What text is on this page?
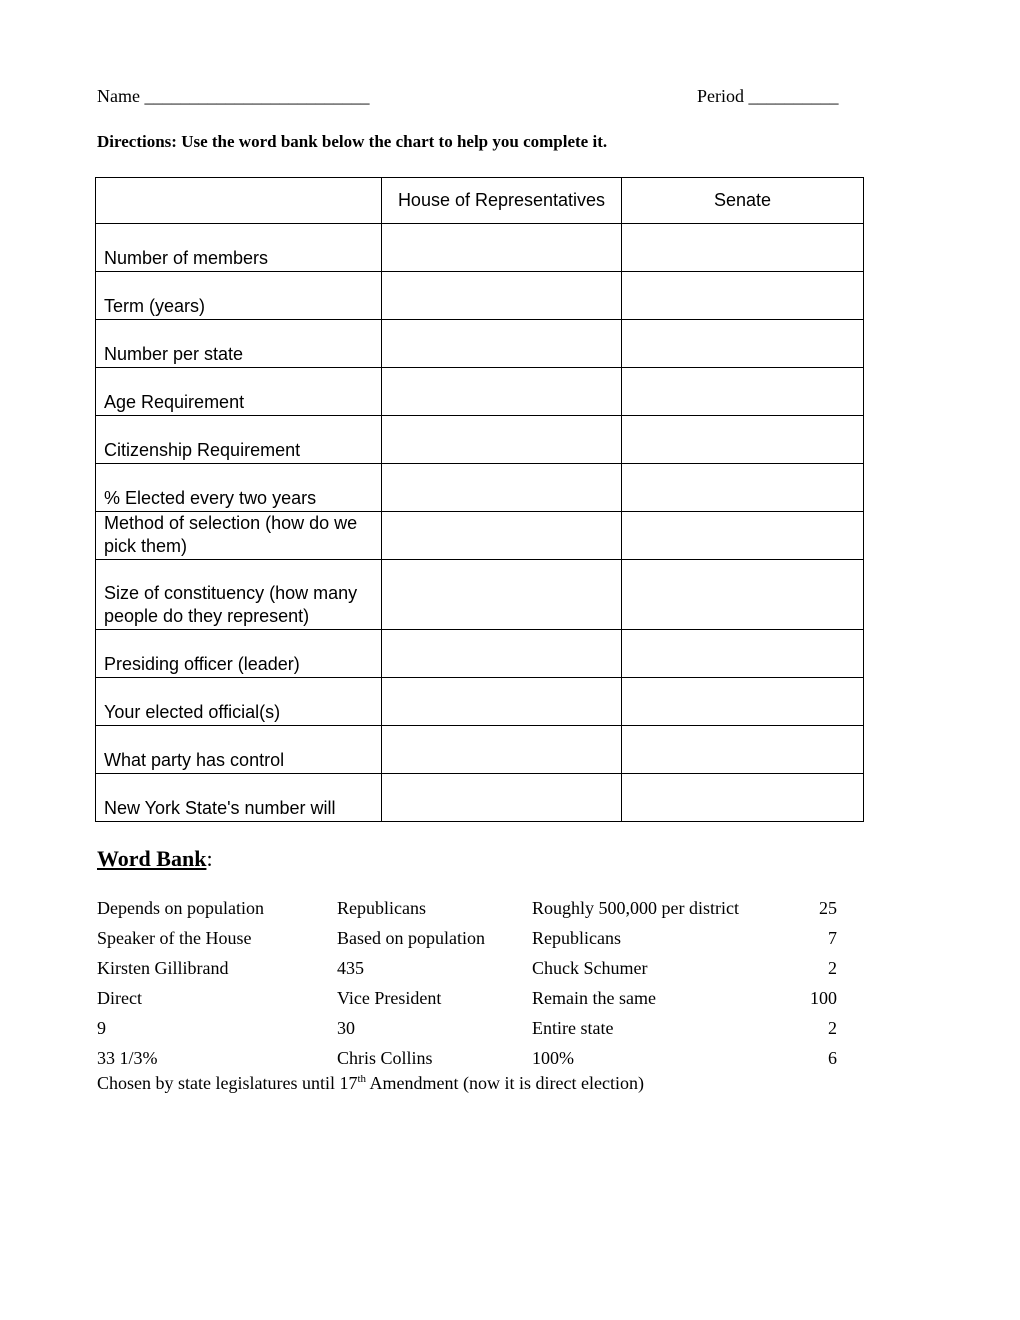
Name _________________________	Period __________
Directions: Use the word bank below the chart to help you complete it.
	House of Representatives	Senate
Number of members		
Term (years)		
Number per state		
Age Requirement		
Citizenship Requirement		
% Elected every two years		
Method of selection (how do we pick them)		
Size of constituency (how many people do they represent)		
Presiding officer (leader)		
Your elected official(s)		
What party has control		
New York State's number will		
Word Bank:
Depends on population	Republicans	Roughly 500,000 per district	25
Speaker of the House	Based on population	Republicans	7
Kirsten Gillibrand	435	Chuck Schumer	2
Direct	Vice President	Remain the same	100
9	30	Entire state	2
33 1/3%	Chris Collins	100%	6
Chosen by state legislatures until 17th Amendment (now it is direct election)
